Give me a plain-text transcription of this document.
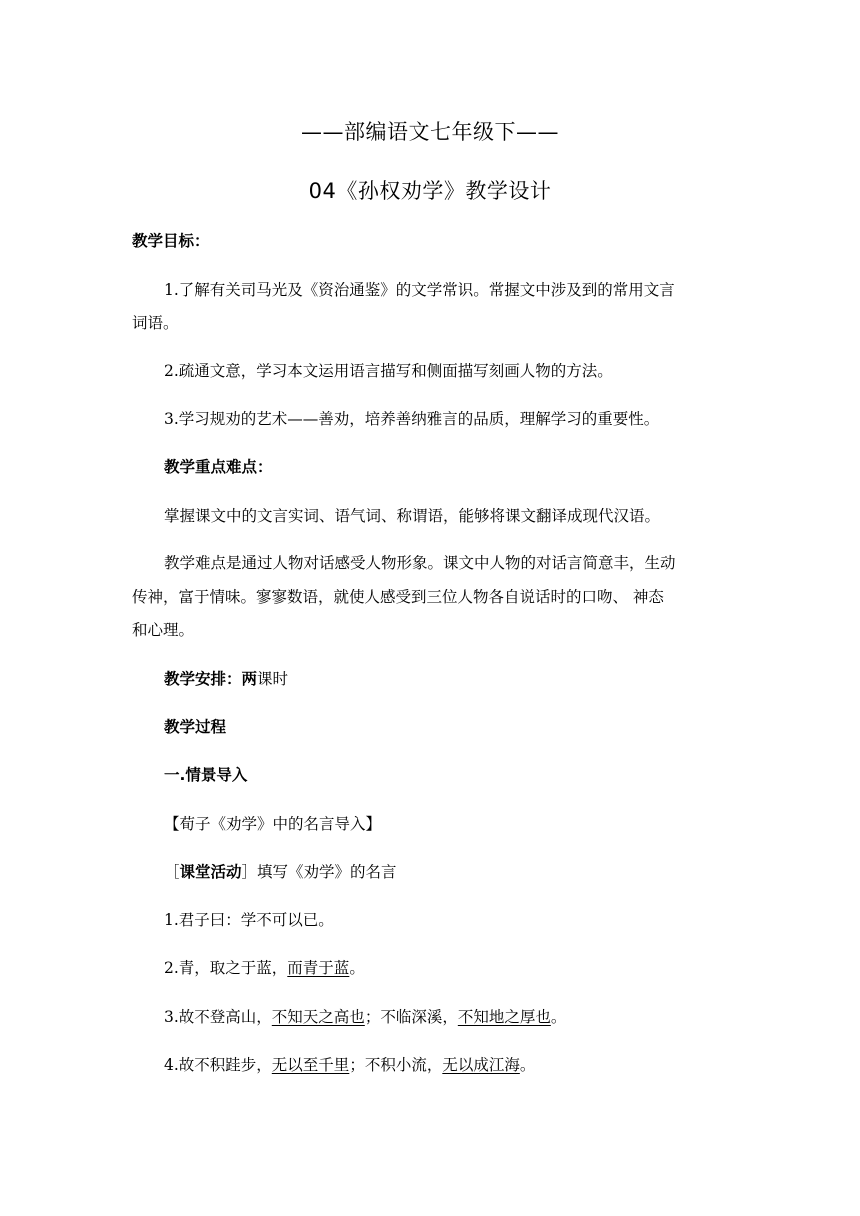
——部编语文七年级下——
04《孙权劝学》教学设计
教学目标：
1.了解有关司马光及《资治通鉴》的文学常识。常握文中涉及到的常用文言
词语。
2.疏通文意，学习本文运用语言描写和侧面描写刻画人物的方法。
3.学习规劝的艺术——善劝，培养善纳雅言的品质，理解学习的重要性。
教学重点难点：
掌握课文中的文言实词、语气词、称谓语，能够将课文翻译成现代汉语。
教学难点是通过人物对话感受人物形象。课文中人物的对话言简意丰，生动
传神，富于情味。寥寥数语，就使人感受到三位人物各自说话时的口吻、 神态
和心理。
教学安排：两课时
教学过程
一.情景导入
【荀子《劝学》中的名言导入】
［课堂活动］填写《劝学》的名言
1.君子曰：学不可以已。
2.青，取之于蓝，而青于蓝。
3.故不登高山，不知天之高也；不临深溪，不知地之厚也。
4.故不积跬步，无以至千里；不积小流，无以成江海。
